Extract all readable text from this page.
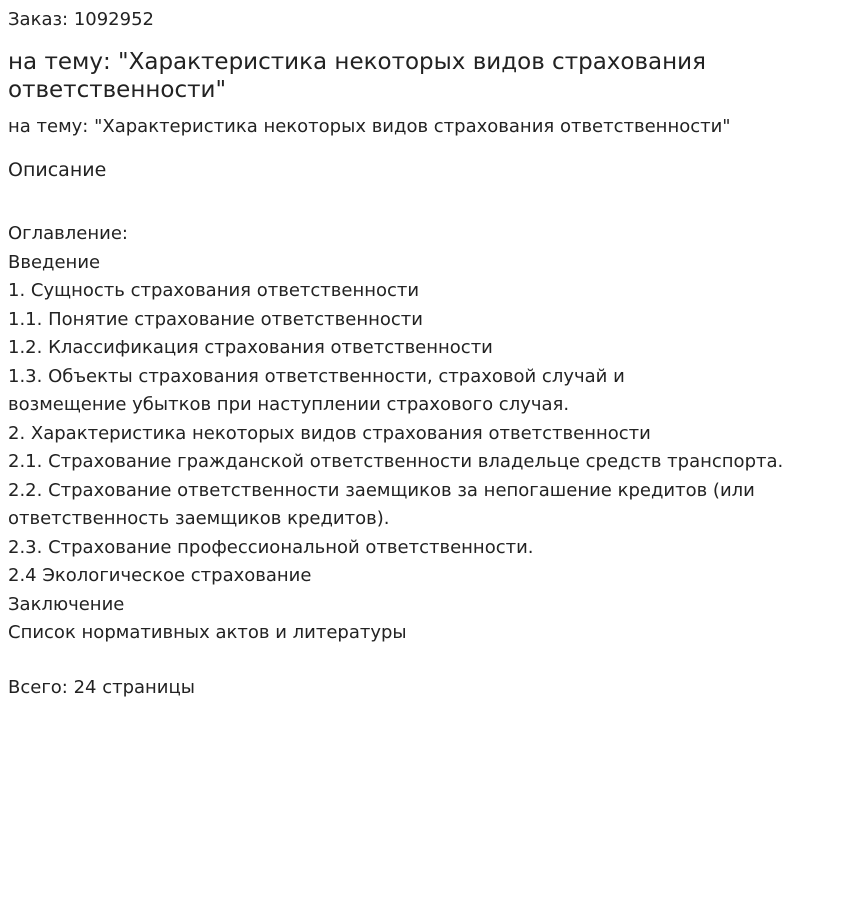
Заказ: 1092952

на тему: "Характеристика некоторых видов страхования ответственности"

на тему: "Характеристика некоторых видов страхования ответственности"

Описание
Оглавление:
Введение
1. Сущность страхования ответственности
1.1. Понятие страхование ответственности
1.2. Классификация страхования ответственности
1.3. Объекты страхования ответственности, страховой случай и
возмещение убытков при наступлении страхового случая.
2. Характеристика некоторых видов страхования ответственности
2.1. Страхование гражданской ответственности владельце средств транспорта.
2.2. Страхование ответственности заемщиков за непогашение кредитов (или
ответственность заемщиков кредитов).
2.3. Страхование профессиональной ответственности.
2.4 Экологическое страхование
Заключение
Список нормативных актов и литературы

Всего: 24 страницы
